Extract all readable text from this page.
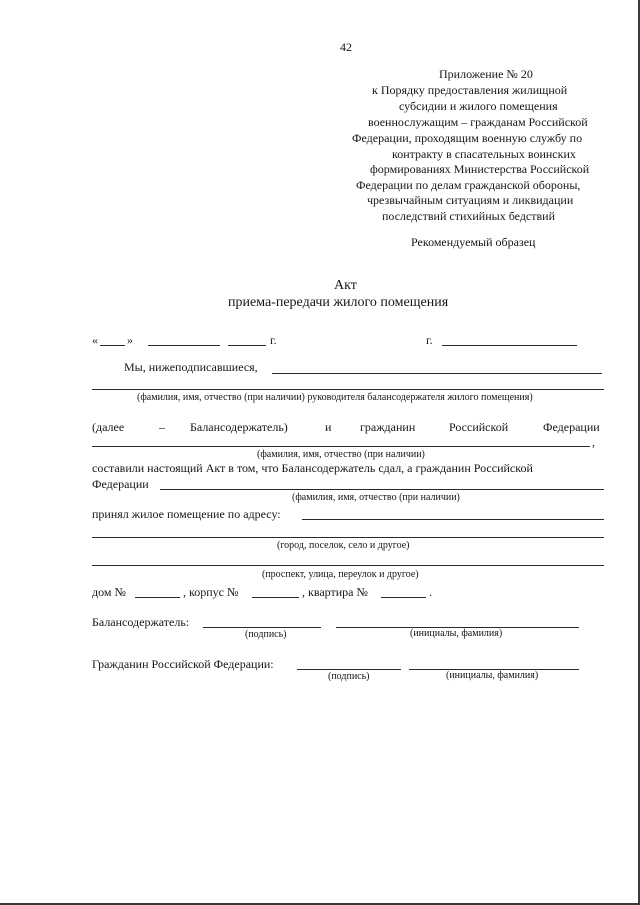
42
Приложение № 20
к Порядку предоставления жилищной
субсидии и жилого помещения
военнослужащим – гражданам Российской
Федерации, проходящим военную службу по
контракту в спасательных воинских
формированиях Министерства Российской
Федерации по делам гражданской обороны,
чрезвычайным ситуациям и ликвидации
последствий стихийных бедствий
Рекомендуемый образец
Акт
приема-передачи жилого помещения
« »	г.	г.
Мы, нижеподписавшиеся,
(фамилия, имя, отчество (при наличии) руководителя балансодержателя жилого помещения)
(далее	– Балансодержатель)	и гражданин	Российской	Федерации
,
(фамилия, имя, отчество (при наличии)
составили настоящий Акт в том, что Балансодержатель сдал, а гражданин Российской
Федерации
(фамилия, имя, отчество (при наличии)
принял жилое помещение по адресу:
(город, поселок, село и другое)
(проспект, улица, переулок и другое)
дом №	, корпус №	, квартира №	.
Балансодержатель:
(подпись)	(инициалы, фамилия)
Гражданин Российской Федерации:
(подпись)	(инициалы, фамилия)
